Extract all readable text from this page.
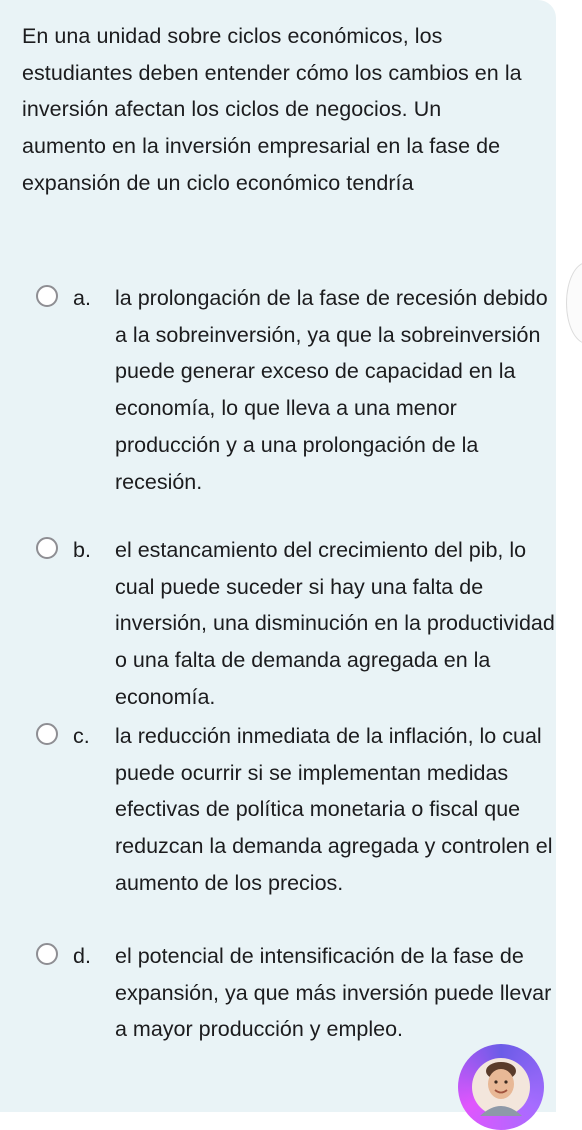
En una unidad sobre ciclos económicos, los estudiantes deben entender cómo los cambios en la inversión afectan los ciclos de negocios. Un aumento en la inversión empresarial en la fase de expansión de un ciclo económico tendría
a. la prolongación de la fase de recesión debido a la sobreinversión, ya que la sobreinversión puede generar exceso de capacidad en la economía, lo que lleva a una menor producción y a una prolongación de la recesión.
b. el estancamiento del crecimiento del pib, lo cual puede suceder si hay una falta de inversión, una disminución en la productividad o una falta de demanda agregada en la economía.
c. la reducción inmediata de la inflación, lo cual puede ocurrir si se implementan medidas efectivas de política monetaria o fiscal que reduzcan la demanda agregada y controlen el aumento de los precios.
d. el potencial de intensificación de la fase de expansión, ya que más inversión puede llevar a mayor producción y empleo.
